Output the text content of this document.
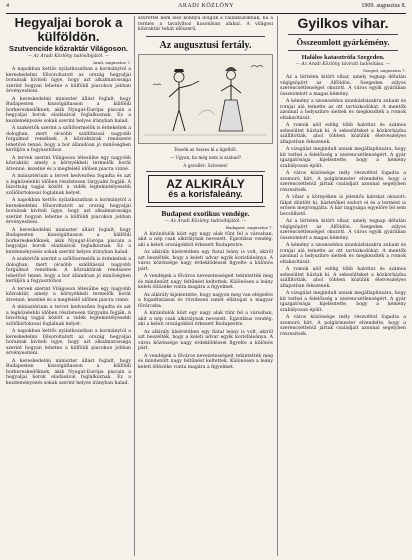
4	ARADI KÖZLÖNY	1909. augusztus 8.
Hegyaljai borok a külföldön.
Szutvencide kőzraktár Világoson.
— Az Aradi Közlöny tudósítójától. —
Arad, augusztus 7.

A napokban kettős nyilatkozatban a kormánytól a kereskedelmi fölsoroltatott az ország hegyaljai borainak kiviteli ügye, hogy azt alkalmatossága szerint hogyan lehetne a külföldi piacokon jobban érvényesíteni.

A kereskedelmi miniszter állást foglalt, hogy Budapesten kiszolgáltasson a külföldi borkereskedőknek, akik Nyugat-Európa piacain a hegyaljai borok eladásával foglalkoznak. Ez a kezdeményezés sokak szerint helyes irányban halad.

A szakértők szerint a szőlőtermelők is érdekeltek a dologban, mert olcsóbb szállítással nagyobb forgalmat remélnek. A kőzraktárak rendszere lehetővé tenné, hogy a bor állandóan jó minőségben kerüljön a fogyasztóhoz.

A tervek szerint Világoson létesülne egy nagyobb kőzraktár, amely a környékbeli termelők borát átvenné, kezelné és a megfelelő időben piacra vinné.

A minisztérium a tervet kedvezően fogadta és azt a legközelebbi időben részletesen tárgyalni fogják. A bizottság tagjai között a vidék legtekintélyesebb szőlőbirtokosai foglalnak helyet.

A napokban kettős nyilatkozatban a kormánytól a kereskedelmi fölsoroltatott az ország hegyaljai borainak kiviteli ügye, hogy azt alkalmatossága szerint hogyan lehetne a külföldi piacokon jobban érvényesíteni.

A kereskedelmi miniszter állást foglalt, hogy Budapesten kiszolgáltasson a külföldi borkereskedőknek, akik Nyugat-Európa piacain a hegyaljai borok eladásával foglalkoznak. Ez a kezdeményezés sokak szerint helyes irányban halad.

A szakértők szerint a szőlőtermelők is érdekeltek a dologban, mert olcsóbb szállítással nagyobb forgalmat remélnek. A kőzraktárak rendszere lehetővé tenné, hogy a bor állandóan jó minőségben kerüljön a fogyasztóhoz.

A tervek szerint Világoson létesülne egy nagyobb kőzraktár, amely a környékbeli termelők borát átvenné, kezelné és a megfelelő időben piacra vinné.

A minisztérium a tervet kedvezően fogadta és azt a legközelebbi időben részletesen tárgyalni fogják. A bizottság tagjai között a vidék legtekintélyesebb szőlőbirtokosai foglalnak helyet.

A napokban kettős nyilatkozatban a kormánytól a kereskedelmi fölsoroltatott az ország hegyaljai borainak kiviteli ügye, hogy azt alkalmatossága szerint hogyan lehetne a külföldi piacokon jobban érvényesíteni.

A kereskedelmi miniszter állást foglalt, hogy Budapesten kiszolgáltasson a külföldi borkereskedőknek, akik Nyugat-Európa piacain a hegyaljai borok eladásával foglalkoznak. Ez a kezdeményezés sokak szerint helyes irányban halad.

szürettel nem lesz könnyű dolguk a vállalkozóknak, ha a termés a tavalyihoz hasonlóan alakul. A világosi kőzraktár tehát időszerű.

Az augusztusi fertály.
Tessék az összes ki a ligetből.
— Ugyan, ha még nem is szabad?
A gavallér: Szívesen!
AZ ALKIRÁLY
és a korisfaleány.
Budapest exotikus vendége.
— Az Aradi Közlöny tudósítójától. —
Budapest, augusztus 7.

A kirándulók közt egy nagy alak tűnt fel a városban, akit a nép csak alkirálynak nevezett. Egzotikus vendég, aki a keleti országokból érkezett Budapestre.

Az alkirály kíséretében egy fiatal leány is volt, akiről azt beszélték, hogy a keleti udvar egyik korisfaleánya. A város közönsége nagy érdeklődéssel figyelte a különös párt.

A vendégek a főváros nevezetességeit tekintették meg és mindenütt nagy feltűnést keltettek. Különösen a leány keleti öltözéke vonta magára a figyelmet.

Az alkirály kijelentette, hogy nagyon meg van elégedve a fogadtatással és rövidesen ismét ellátogat a magyar fővárosba.

A kirándulók közt egy nagy alak tűnt fel a városban, akit a nép csak alkirálynak nevezett. Egzotikus vendég, aki a keleti országokból érkezett Budapestre.

Az alkirály kíséretében egy fiatal leány is volt, akiről azt beszélték, hogy a keleti udvar egyik korisfaleánya. A város közönsége nagy érdeklődéssel figyelte a különös párt.

A vendégek a főváros nevezetességeit tekintették meg és mindenütt nagy feltűnést keltettek. Különösen a leány keleti öltözéke vonta magára a figyelmet.

Gyilkos vihar.
Összeomlott gyárkémény.
Halálos katasztrófa Szegeden.
— Az Aradi Közlöny távirati tudósítása. —
Szeged, augusztus 7.

Az a hirtelen kitört vihar, amely tegnap délután végigsöpört az Alföldön, Szegeden súlyos szerencsétlenséget okozott. A város egyik gyárában összeomlott a magas kémény.

A kémény a szomszédos munkásházakra zuhant és romjai alá temette az ott tartózkodókat. A mentők azonnal a helyszínre siettek és megkezdték a romok eltakarítását.

A romok alól eddig több halottat és számos sebesültet húztak ki. A sebesülteket a közkórházba szállították, ahol többen közülük életveszélyes állapotban fekszenek.

A vizsgálat megindult annak megállapítására, hogy kit terhel a felelősség a szerencsétlenségért. A gyár igazgatósága kijelentette, hogy a kémény szabályosan épült.

A város közönsége mély részvéttel fogadta a szomorú hírt. A polgármester elrendelte, hogy a szerencsétlenül jártak családjait azonnal segélyben részesítsék.

A vihar a környéken is jelentős károkat okozott: fákat döntött ki, háztetőket sodort el és a termést is erősen megrongálta. A kár nagysága egyelőre fel sem becsülhető.

Az a hirtelen kitört vihar, amely tegnap délután végigsöpört az Alföldön, Szegeden súlyos szerencsétlenséget okozott. A város egyik gyárában összeomlott a magas kémény.

A kémény a szomszédos munkásházakra zuhant és romjai alá temette az ott tartózkodókat. A mentők azonnal a helyszínre siettek és megkezdték a romok eltakarítását.

A romok alól eddig több halottat és számos sebesültet húztak ki. A sebesülteket a közkórházba szállították, ahol többen közülük életveszélyes állapotban fekszenek.

A vizsgálat megindult annak megállapítására, hogy kit terhel a felelősség a szerencsétlenségért. A gyár igazgatósága kijelentette, hogy a kémény szabályosan épült.

A város közönsége mély részvéttel fogadta a szomorú hírt. A polgármester elrendelte, hogy a szerencsétlenül jártak családjait azonnal segélyben részesítsék.
